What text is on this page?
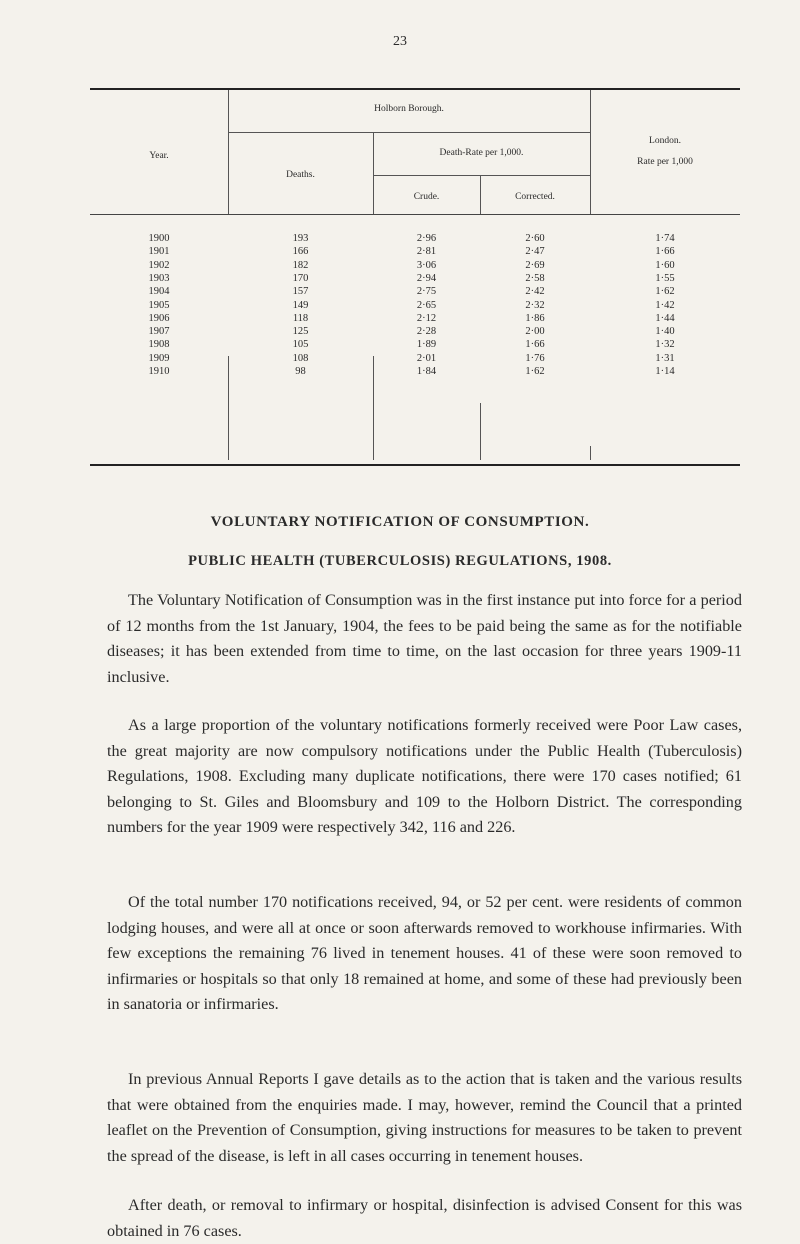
23
Year.
Holborn Borough.
Deaths.
Death-Rate per 1,000.
Crude.	Corrected.
London.
Rate per 1,000
1900	193	2·96	2·60	1·74
1901	166	2·81	2·47	1·66
1902	182	3·06	2·69	1·60
1903	170	2·94	2·58	1·55
1904	157	2·75	2·42	1·62
1905	149	2·65	2·32	1·42
1906	118	2·12	1·86	1·44
1907	125	2·28	2·00	1·40
1908	105	1·89	1·66	1·32
1909	108	2·01	1·76	1·31
1910	98	1·84	1·62	1·14
VOLUNTARY NOTIFICATION OF CONSUMPTION.
PUBLIC HEALTH (TUBERCULOSIS) REGULATIONS, 1908.

The Voluntary Notification of Consumption was in the first instance put into force for a period of 12 months from the 1st January, 1904, the fees to be paid being the same as for the notifiable diseases; it has been extended from time to time, on the last occasion for three years 1909-11 inclusive.

As a large proportion of the voluntary notifications formerly received were Poor Law cases, the great majority are now compulsory notifications under the Public Health (Tuberculosis) Regulations, 1908. Excluding many duplicate notifications, there were 170 cases notified; 61 belonging to St. Giles and Bloomsbury and 109 to the Holborn District. The corresponding numbers for the year 1909 were respectively 342, 116 and 226.

Of the total number 170 notifications received, 94, or 52 per cent. were residents of common lodging houses, and were all at once or soon afterwards removed to workhouse infirmaries. With few exceptions the remaining 76 lived in tenement houses. 41 of these were soon removed to infirmaries or hospitals so that only 18 remained at home, and some of these had previously been in sanatoria or infirmaries.

In previous Annual Reports I gave details as to the action that is taken and the various results that were obtained from the enquiries made. I may, however, remind the Council that a printed leaflet on the Prevention of Consumption, giving instructions for measures to be taken to prevent the spread of the disease, is left in all cases occurring in tenement houses.

After death, or removal to infirmary or hospital, disinfection is advised Consent for this was obtained in 76 cases.
